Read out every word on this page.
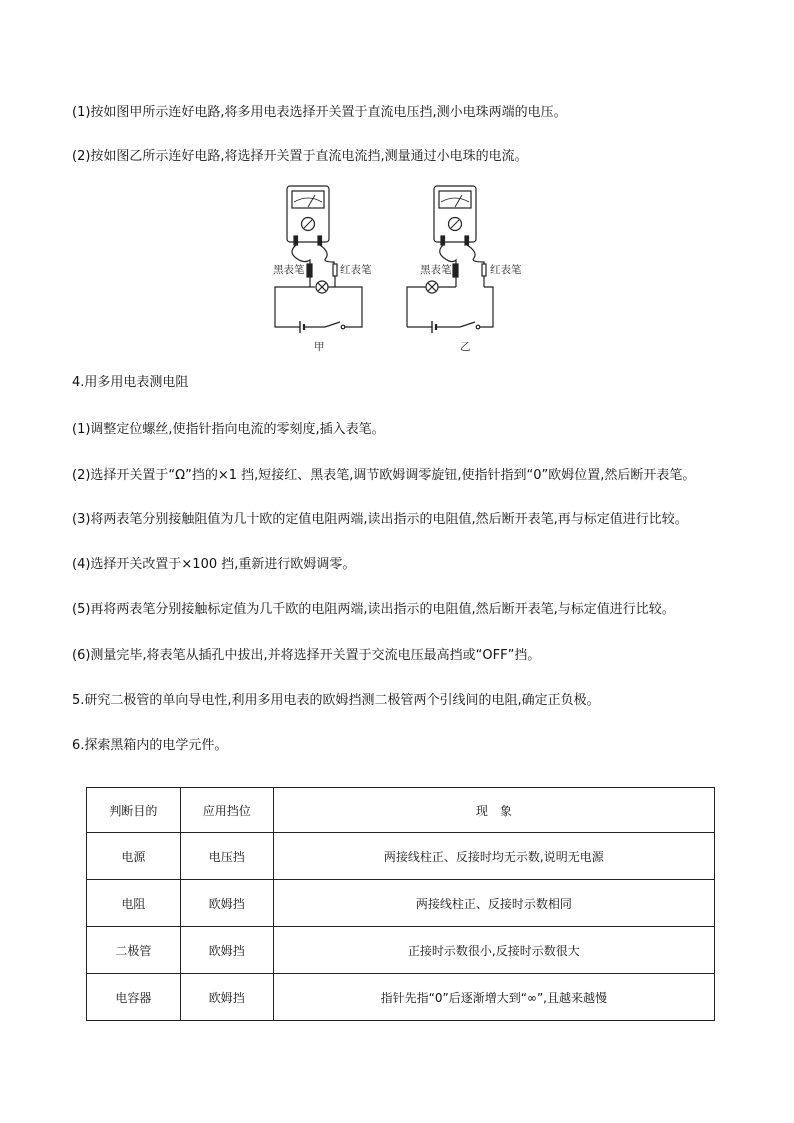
(1)按如图甲所示连好电路,将多用电表选择开关置于直流电压挡,测小电珠两端的电压。
(2)按如图乙所示连好电路,将选择开关置于直流电流挡,测量通过小电珠的电流。
黑表笔	红表笔
甲
黑表笔	红表笔
乙
4.用多用电表测电阻
(1)调整定位螺丝,使指针指向电流的零刻度,插入表笔。
(2)选择开关置于“Ω”挡的×1 挡,短接红、黑表笔,调节欧姆调零旋钮,使指针指到“0”欧姆位置,然后断开表笔。
(3)将两表笔分别接触阻值为几十欧的定值电阻两端,读出指示的电阻值,然后断开表笔,再与标定值进行比较。
(4)选择开关改置于×100 挡,重新进行欧姆调零。
(5)再将两表笔分别接触标定值为几千欧的电阻两端,读出指示的电阻值,然后断开表笔,与标定值进行比较。
(6)测量完毕,将表笔从插孔中拔出,并将选择开关置于交流电压最高挡或“OFF”挡。
5.研究二极管的单向导电性,利用多用电表的欧姆挡测二极管两个引线间的电阻,确定正负极。
6.探索黑箱内的电学元件。
判断目的	应用挡位	现　象
电源	电压挡	两接线柱正、反接时均无示数,说明无电源
电阻	欧姆挡	两接线柱正、反接时示数相同
二极管	欧姆挡	正接时示数很小,反接时示数很大
电容器	欧姆挡	指针先指“0”后逐渐增大到“∞”,且越来越慢
